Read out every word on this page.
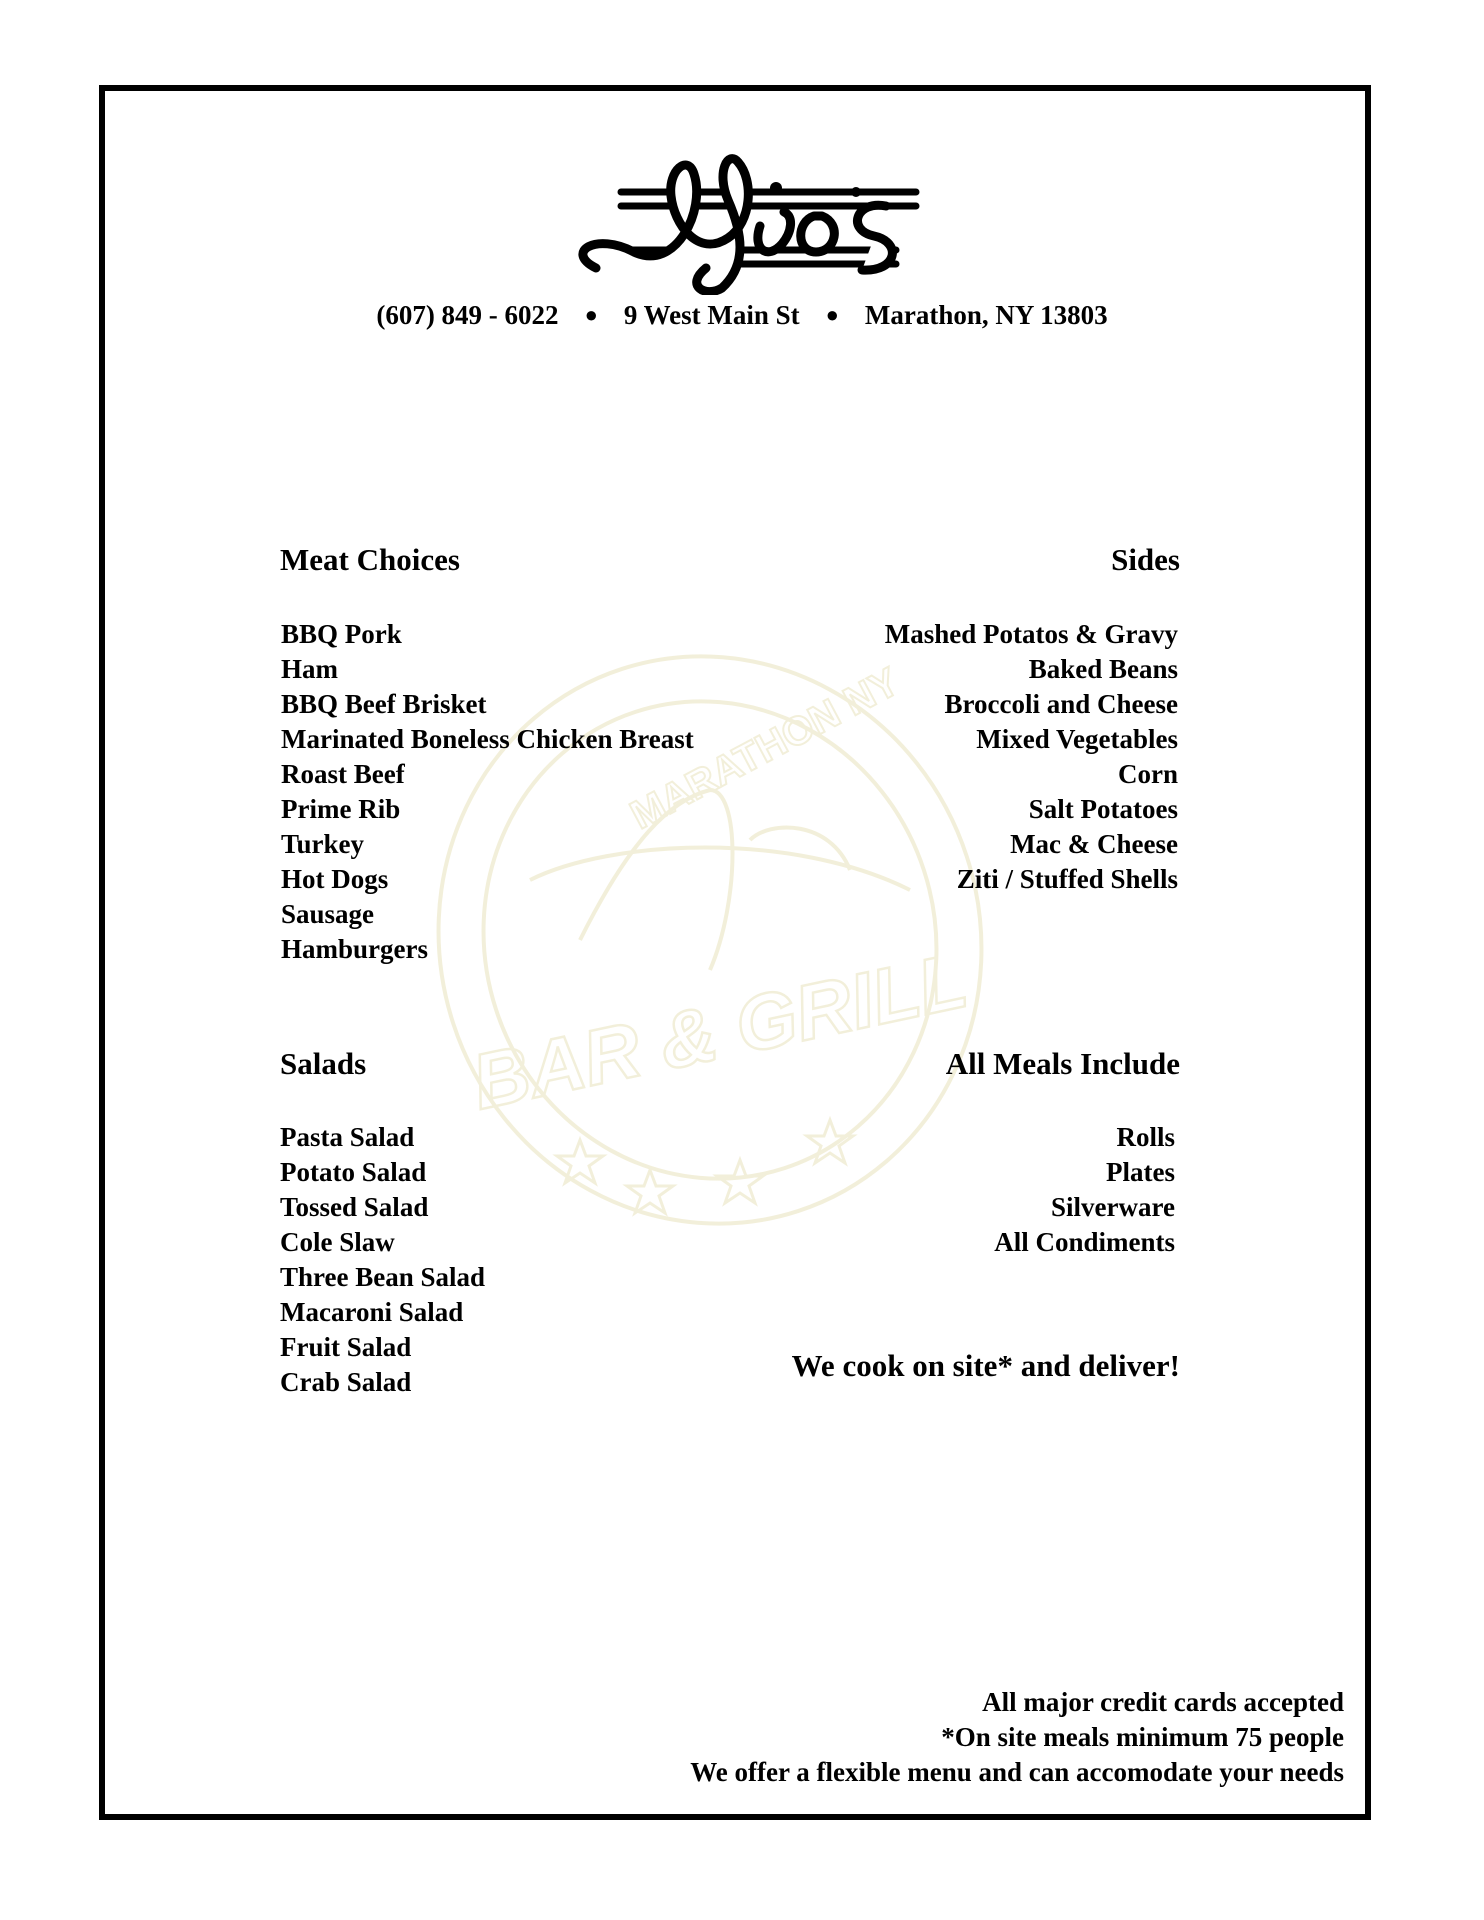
(607) 849 - 6022 ● 9 West Main St ● Marathon, NY 13803
MARATHON NY
BAR & GRILL
Meat Choices
BBQ Pork
Ham
BBQ Beef Brisket
Marinated Boneless Chicken Breast
Roast Beef
Prime Rib
Turkey
Hot Dogs
Sausage
Hamburgers
Sides
Mashed Potatos & Gravy
Baked Beans
Broccoli and Cheese
Mixed Vegetables
Corn
Salt Potatoes
Mac & Cheese
Ziti / Stuffed Shells
Salads
Pasta Salad
Potato Salad
Tossed Salad
Cole Slaw
Three Bean Salad
Macaroni Salad
Fruit Salad
Crab Salad
All Meals Include
Rolls
Plates
Silverware
All Condiments
We cook on site* and deliver!
All major credit cards accepted
*On site meals minimum 75 people
We offer a flexible menu and can accomodate your needs
